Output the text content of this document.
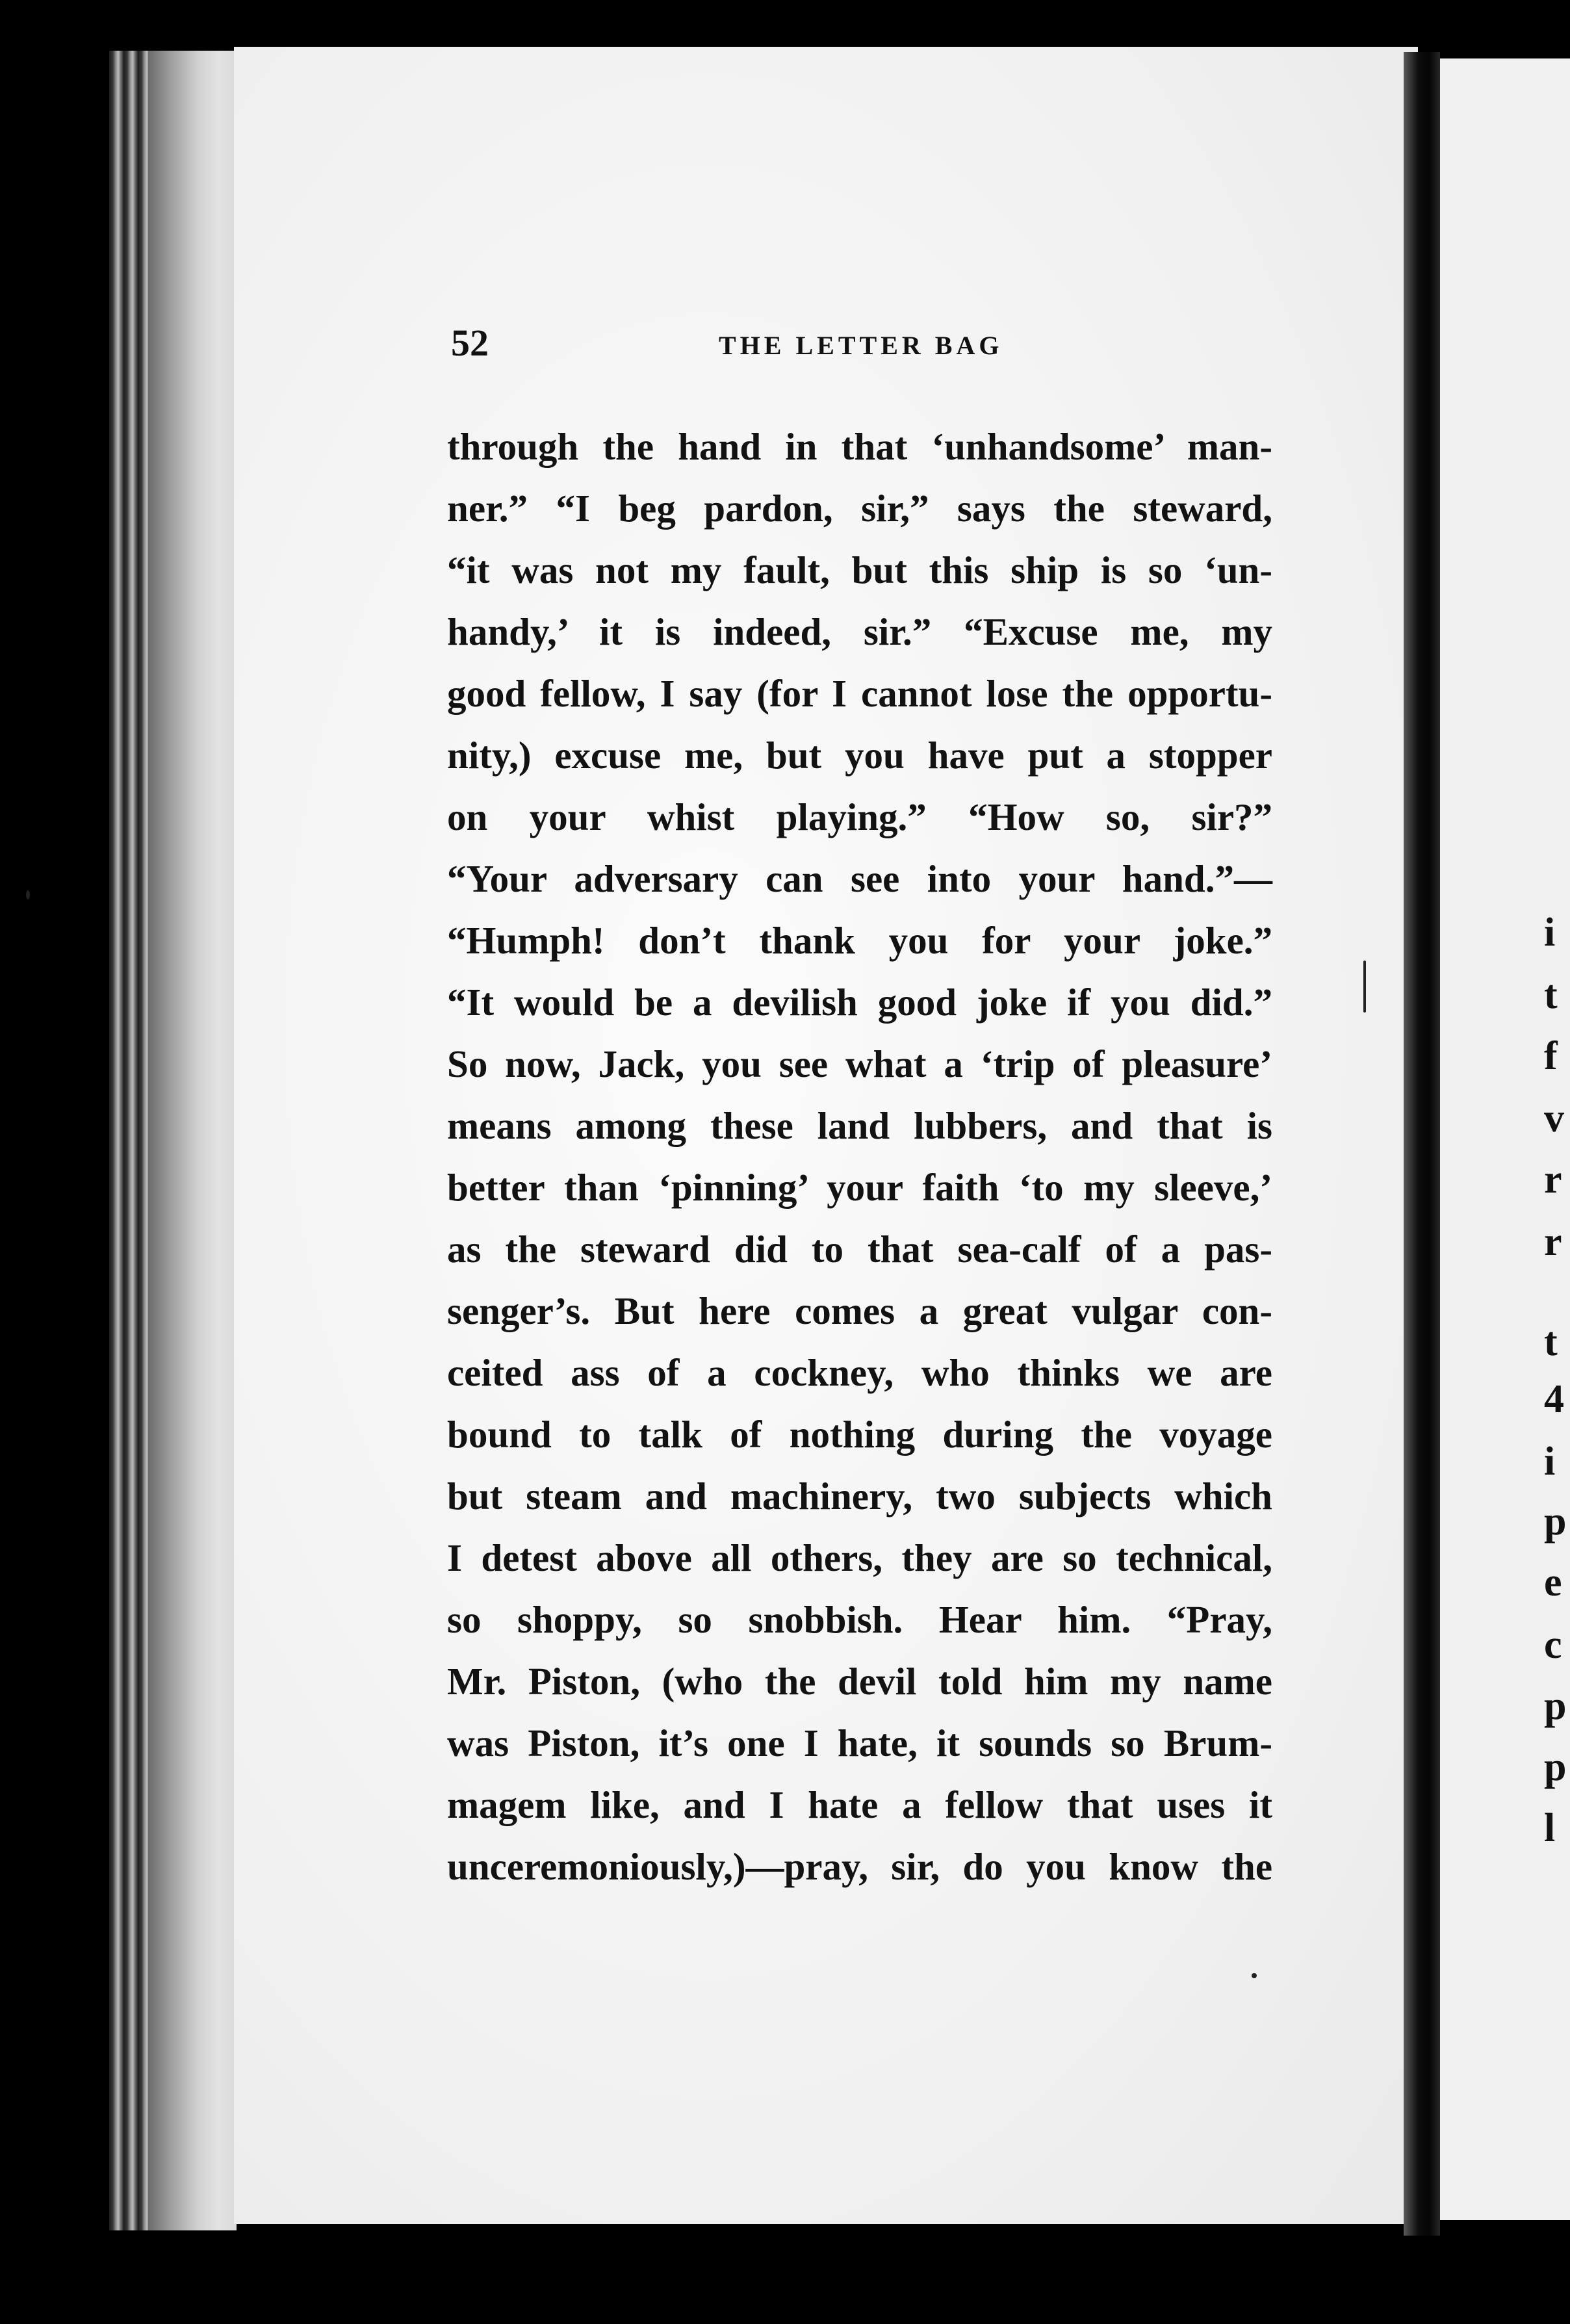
i
t
f
v
r
r
t
4
i
p
e
c
p
p
l
52	THE LETTER BAG
through the hand in that ‘unhandsome’ man-
ner.” “I beg pardon, sir,” says the steward,
“it was not my fault, but this ship is so ‘un-
handy,’ it is indeed, sir.” “Excuse me, my
good fellow, I say (for I cannot lose the opportu-
nity,) excuse me, but you have put a stopper
on your whist playing.” “How so, sir?”
“Your adversary can see into your hand.”—
“Humph! don’t thank you for your joke.”
“It would be a devilish good joke if you did.”
So now, Jack, you see what a ‘trip of pleasure’
means among these land lubbers, and that is
better than ‘pinning’ your faith ‘to my sleeve,’
as the steward did to that sea-calf of a pas-
senger’s. But here comes a great vulgar con-
ceited ass of a cockney, who thinks we are
bound to talk of nothing during the voyage
but steam and machinery, two subjects which
I detest above all others, they are so technical,
so shoppy, so snobbish. Hear him. “Pray,
Mr. Piston, (who the devil told him my name
was Piston, it’s one I hate, it sounds so Brum-
magem like, and I hate a fellow that uses it
unceremoniously,)—pray, sir, do you know the
